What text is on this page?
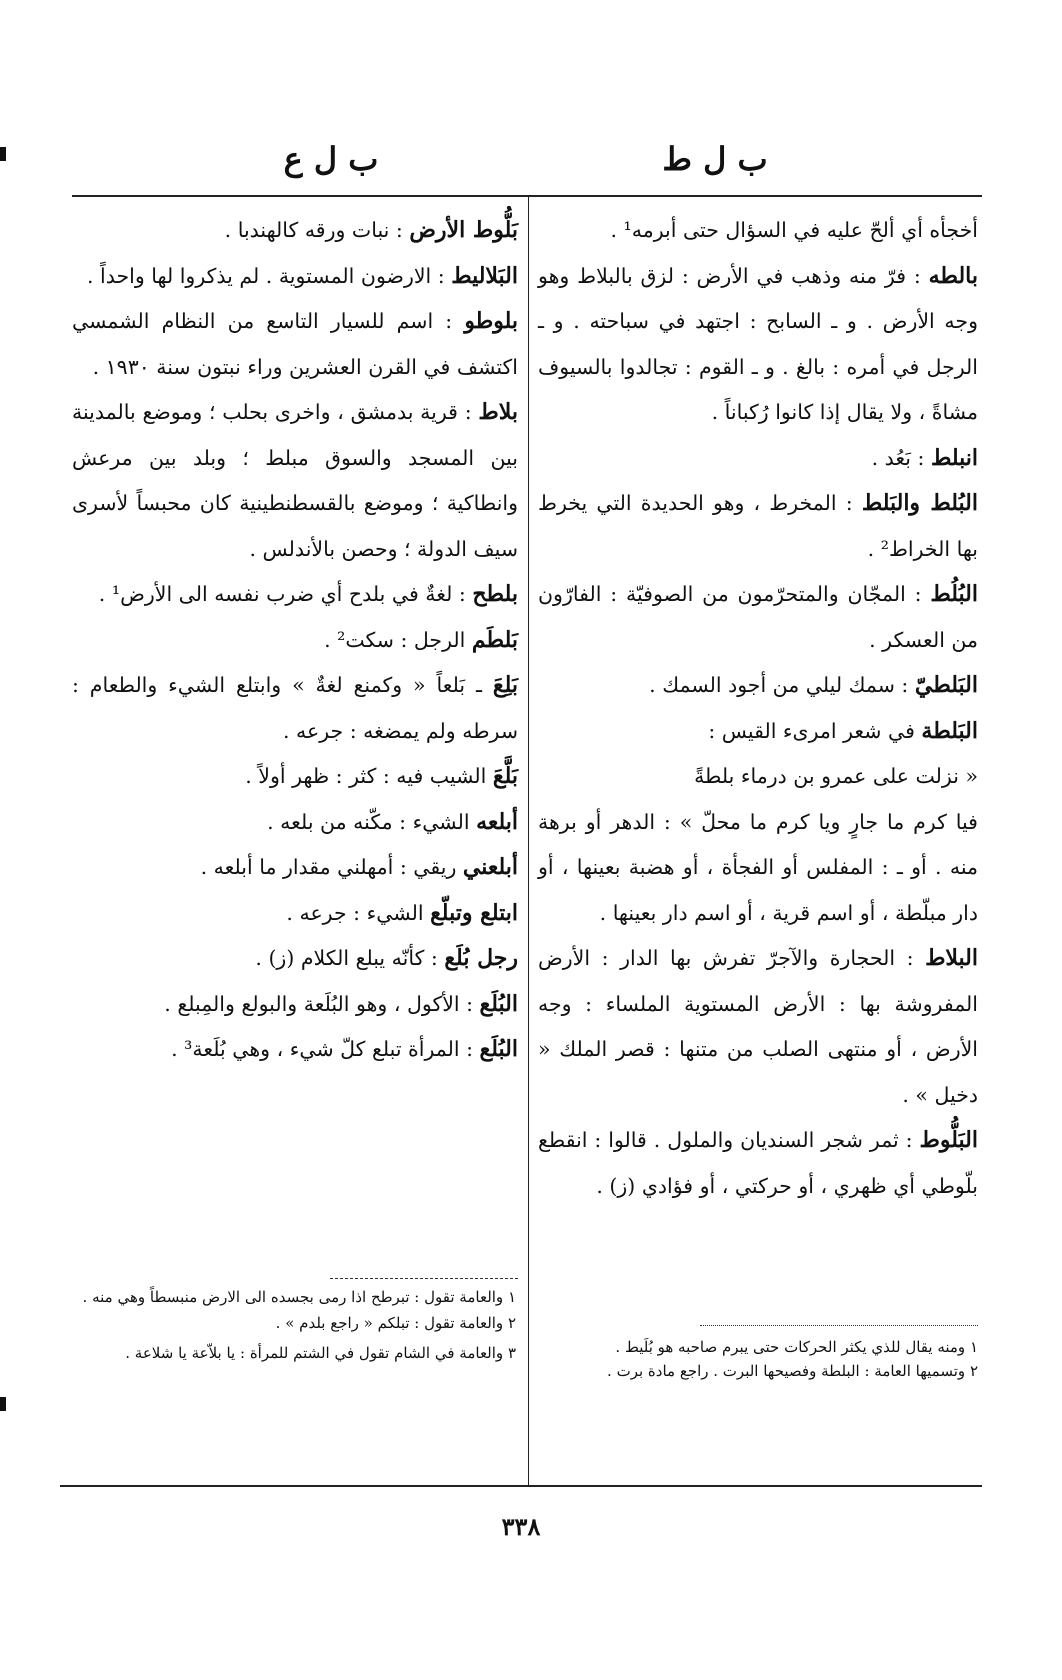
ب ل ط
ب ل ع
أخجأه أي ألحّ عليه في السؤال حتى أبرمه¹ .
بالطه : فرّ منه وذهب في الأرض : لزق بالبلاط وهو وجه الأرض . و ـ السابح : اجتهد في سباحته . و ـ الرجل في أمره : بالغ . و ـ القوم : تجالدوا بالسيوف مشاةً ، ولا يقال إذا كانوا رُكباناً .
انبلط : بَعُد .
البُلط والبَلط : المخرط ، وهو الحديدة التي يخرط بها الخراط² .
البُلُط : المجّان والمتحرّمون من الصوفيّة : الفارّون من العسكر .
البَلطيّ : سمك ليلي من أجود السمك .
البَلطة في شعر امرىء القيس :
« نزلت على عمرو بن درماء بلطةً
فيا كرم ما جارٍ ويا كرم ما محلّ » : الدهر أو برهة منه . أو ـ : المفلس أو الفجأة ، أو هضبة بعينها ، أو دار مبلّطة ، أو اسم قرية ، أو اسم دار بعينها .
البلاط : الحجارة والآجرّ تفرش بها الدار : الأرض المفروشة بها : الأرض المستوية الملساء : وجه الأرض ، أو منتهى الصلب من متنها : قصر الملك « دخيل » .
البَلُّوط : ثمر شجر السنديان والملول . قالوا : انقطع بلّوطي أي ظهري ، أو حركتي ، أو فؤادي (ز) .
بَلُّوط الأرض : نبات ورقه كالهندبا .
البَلاليط : الارضون المستوية . لم يذكروا لها واحداً .
بلوطو : اسم للسيار التاسع من النظام الشمسي اكتشف في القرن العشرين وراء نبتون سنة ١٩٣٠ .
بلاط : قرية بدمشق ، واخرى بحلب ؛ وموضع بالمدينة بين المسجد والسوق مبلط ؛ وبلد بين مرعش وانطاكية ؛ وموضع بالقسطنطينية كان محبساً لأسرى سيف الدولة ؛ وحصن بالأندلس .
بلطح : لغةٌ في بلدح أي ضرب نفسه الى الأرض¹ .
بَلطَم الرجل : سكت² .
بَلِعَ ـ بَلعاً « وكمنع لغةٌ » وابتلع الشيء والطعام : سرطه ولم يمضغه : جرعه .
بَلَّعَ الشيب فيه : كثر : ظهر أولاً .
أبلعه الشيء : مكّنه من بلعه .
أبلعني ريقي : أمهلني مقدار ما أبلعه .
ابتلع وتبلّع الشيء : جرعه .
رجل بُلَع : كأنّه يبلع الكلام (ز) .
البُلَع : الأكول ، وهو البُلَعة والبولع والمِبلع .
البُلَع : المرأة تبلع كلّ شيء ، وهي بُلَعة³ .
١ والعامة تقول : تبرطح اذا رمى بجسده الى الارض منبسطاً وهي منه .
٢ والعامة تقول : تبلكم « راجع بلدم » .
٣ والعامة في الشام تقول في الشتم للمرأة : يا بلاّعة يا شلاعة .	١ ومنه يقال للذي يكثر الحركات حتى يبرم صاحبه هو بُلَيط .
٢ وتسميها العامة : البلطة وفصيحها البرت . راجع مادة برت .
٣٣٨
